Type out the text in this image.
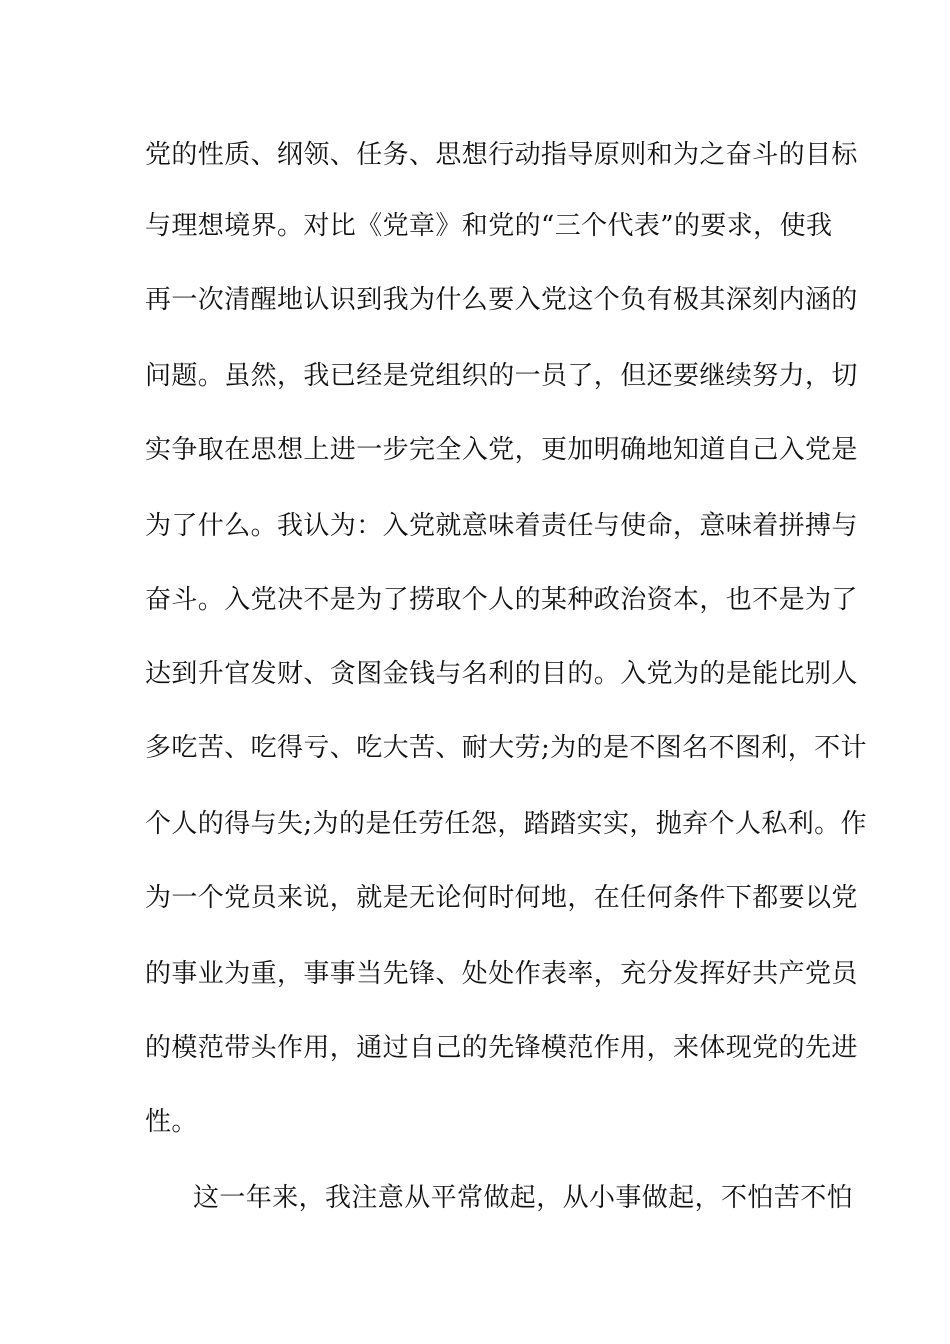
党的性质、纲领、任务、思想行动指导原则和为之奋斗的目标
与理想境界。对比《党章》和党的“三个代表”的要求，使我
再一次清醒地认识到我为什么要入党这个负有极其深刻内涵的
问题。虽然，我已经是党组织的一员了，但还要继续努力，切
实争取在思想上进一步完全入党，更加明确地知道自己入党是
为了什么。我认为：入党就意味着责任与使命，意味着拼搏与
奋斗。入党决不是为了捞取个人的某种政治资本，也不是为了
达到升官发财、贪图金钱与名利的目的。入党为的是能比别人
多吃苦、吃得亏、吃大苦、耐大劳;为的是不图名不图利，不计
个人的得与失;为的是任劳任怨，踏踏实实，抛弃个人私利。作
为一个党员来说，就是无论何时何地，在任何条件下都要以党
的事业为重，事事当先锋、处处作表率，充分发挥好共产党员
的模范带头作用，通过自己的先锋模范作用，来体现党的先进
性。
这一年来，我注意从平常做起，从小事做起，不怕苦不怕
